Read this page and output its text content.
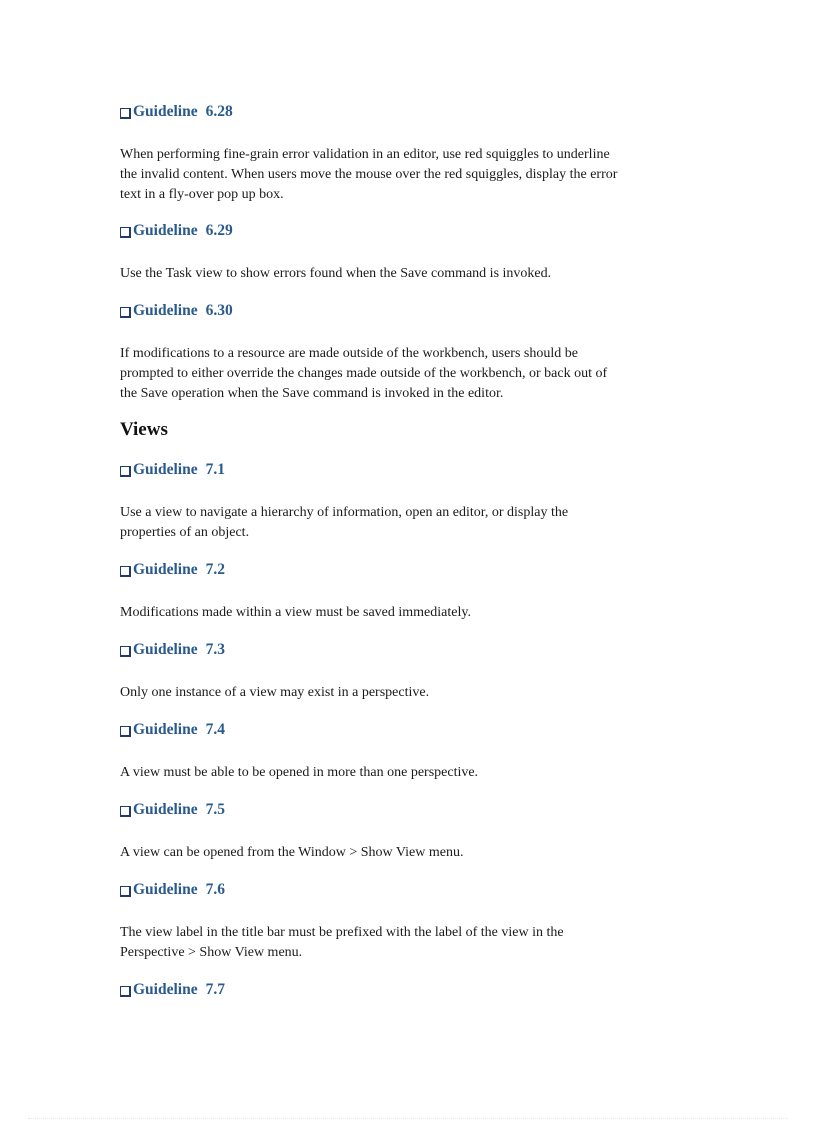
Guideline 6.28
When performing fine-grain error validation in an editor, use red squiggles to underline
the invalid content. When users move the mouse over the red squiggles, display the error
text in a fly-over pop up box.
Guideline 6.29
Use the Task view to show errors found when the Save command is invoked.
Guideline 6.30
If modifications to a resource are made outside of the workbench, users should be
prompted to either override the changes made outside of the workbench, or back out of
the Save operation when the Save command is invoked in the editor.
Views
Guideline 7.1
Use a view to navigate a hierarchy of information, open an editor, or display the
properties of an object.
Guideline 7.2
Modifications made within a view must be saved immediately.
Guideline 7.3
Only one instance of a view may exist in a perspective.
Guideline 7.4
A view must be able to be opened in more than one perspective.
Guideline 7.5
A view can be opened from the Window > Show View menu.
Guideline 7.6
The view label in the title bar must be prefixed with the label of the view in the
Perspective > Show View menu.
Guideline 7.7
